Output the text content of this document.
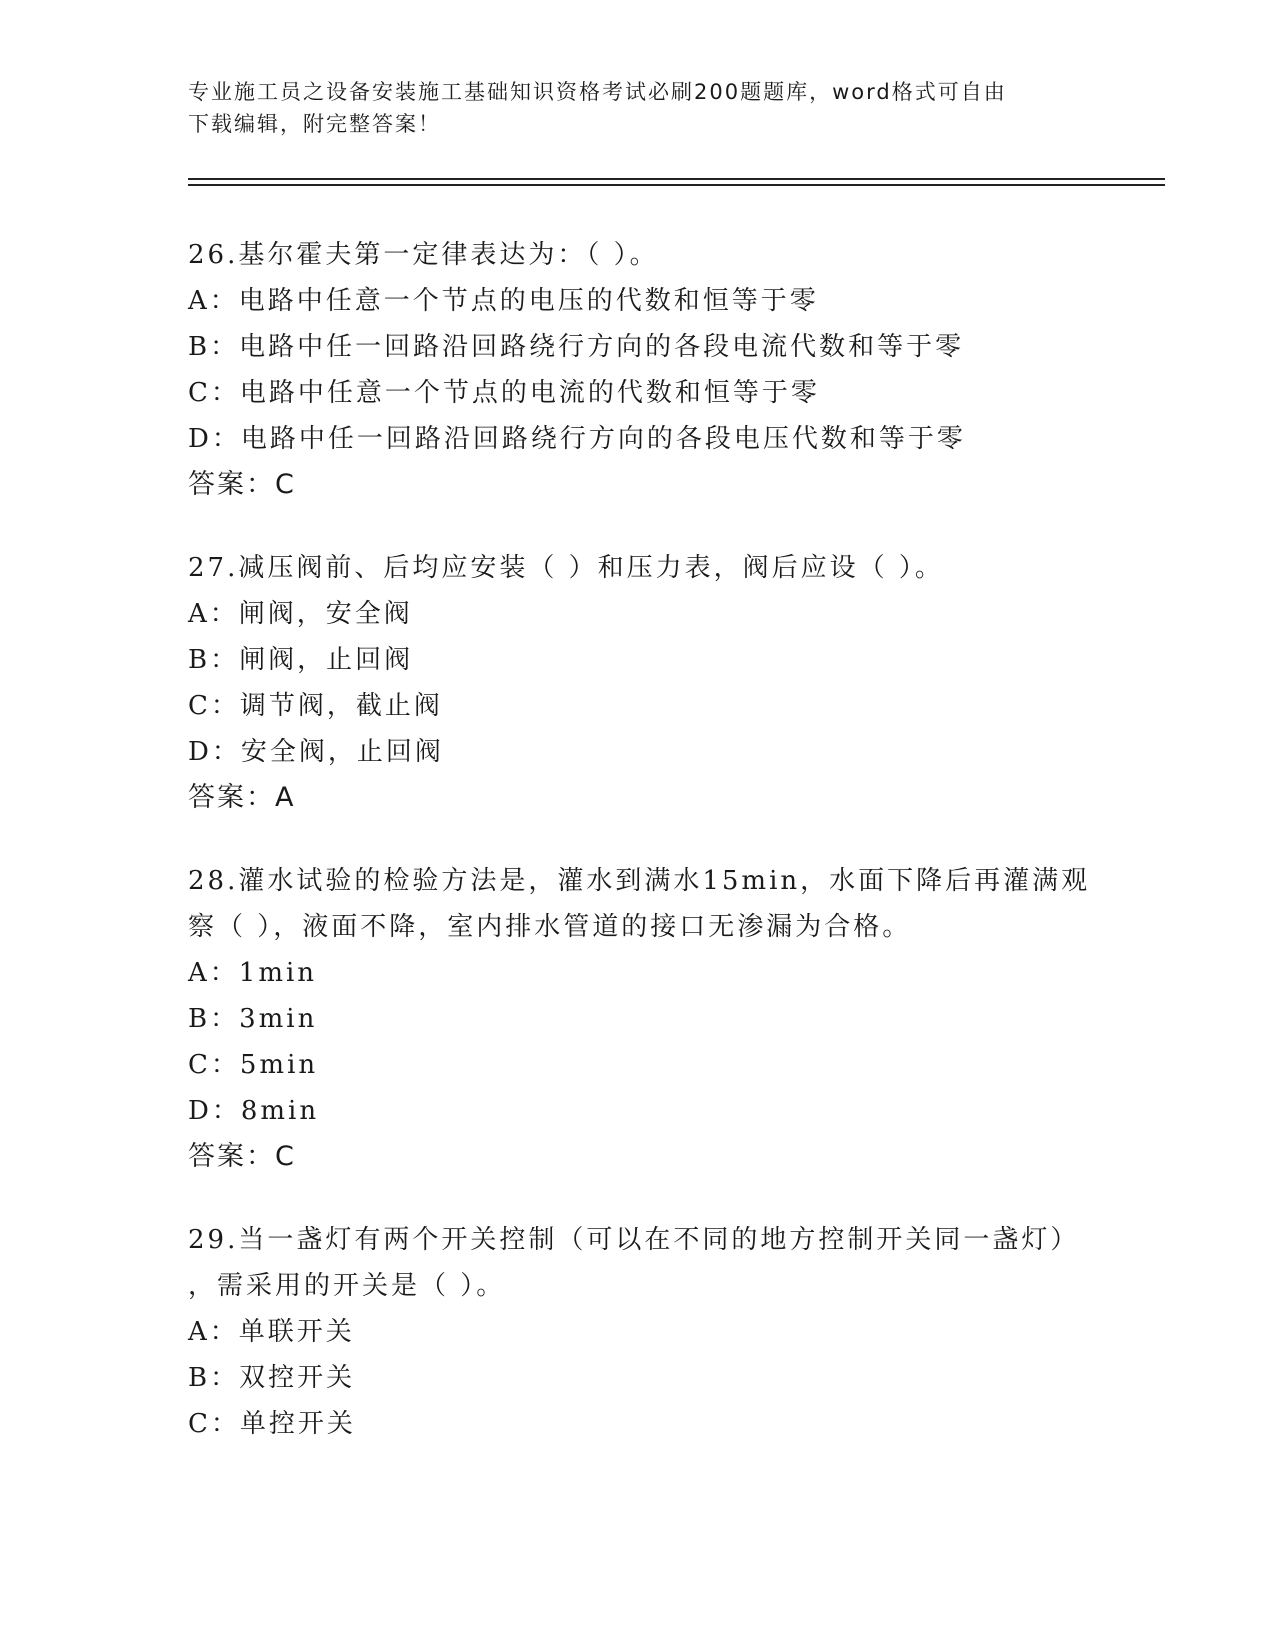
专业施工员之设备安装施工基础知识资格考试必刷200题题库，word格式可自由
下载编辑，附完整答案！
26.基尔霍夫第一定律表达为：（ ）。
A：电路中任意一个节点的电压的代数和恒等于零
B：电路中任一回路沿回路绕行方向的各段电流代数和等于零
C：电路中任意一个节点的电流的代数和恒等于零
D：电路中任一回路沿回路绕行方向的各段电压代数和等于零
答案：C
27.减压阀前、后均应安装（ ）和压力表，阀后应设（ ）。
A：闸阀，安全阀
B：闸阀，止回阀
C：调节阀，截止阀
D：安全阀，止回阀
答案：A
28.灌水试验的检验方法是，灌水到满水15min，水面下降后再灌满观
察（ ），液面不降，室内排水管道的接口无渗漏为合格。
A：1min
B：3min
C：5min
D：8min
答案：C
29.当一盏灯有两个开关控制（可以在不同的地方控制开关同一盏灯）
，需采用的开关是（ ）。
A：单联开关
B：双控开关
C：单控开关
